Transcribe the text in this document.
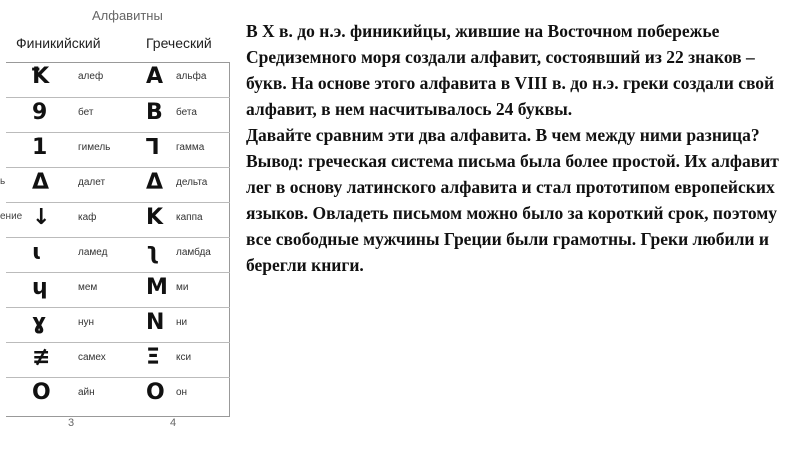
Алфавитны
Финикийский	Греческий
Ꝁ	алеф A альфа
9	бет B бета
1	гимель ꓶ гамма
ь Δ	далет Δ дельта
ение ↓	каф K каппа
ɩ	ламед ʅ ламбда
ɥ	мем M ми
ɣ	нун N ни
≢	самех Ξ кси
O	айн O он
3	4

В X в. до н.э. финикийцы, жившие на Восточном побережье Средиземного моря создали алфавит, состоявший из 22 знаков – букв. На основе этого алфавита в VIII в. до н.э. греки создали свой алфавит, в нем насчитывалось 24 буквы.

Давайте сравним эти два алфавита. В чем между ними разница?

Вывод: греческая система письма была более простой. Их алфавит лег в основу латинского алфавита и стал прототипом европейских языков. Овладеть письмом можно было за короткий срок, поэтому все свободные мужчины Греции были грамотны. Греки любили и берегли книги.
